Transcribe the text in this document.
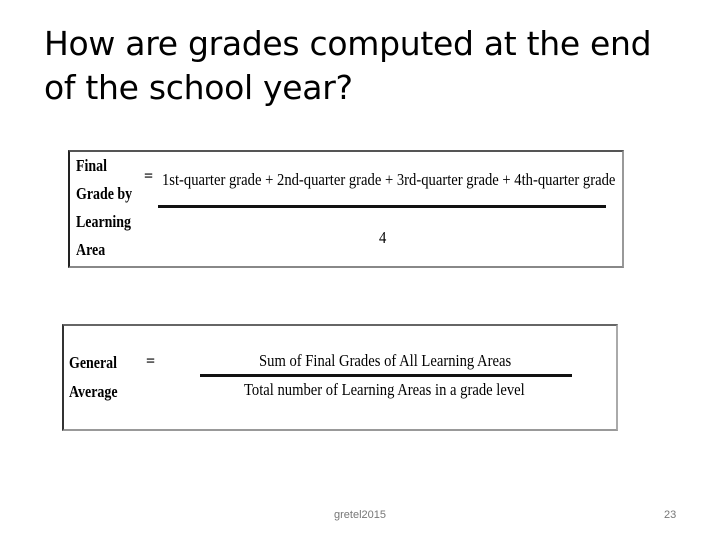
How are grades computed at the end of the school year?
Final
Grade by
Learning
Area
= 1st-quarter grade + 2nd-quarter grade + 3rd-quarter grade + 4th-quarter grade
4
General
Average
=	Sum of Final Grades of All Learning Areas
Total number of Learning Areas in a grade level
gretel2015	23
